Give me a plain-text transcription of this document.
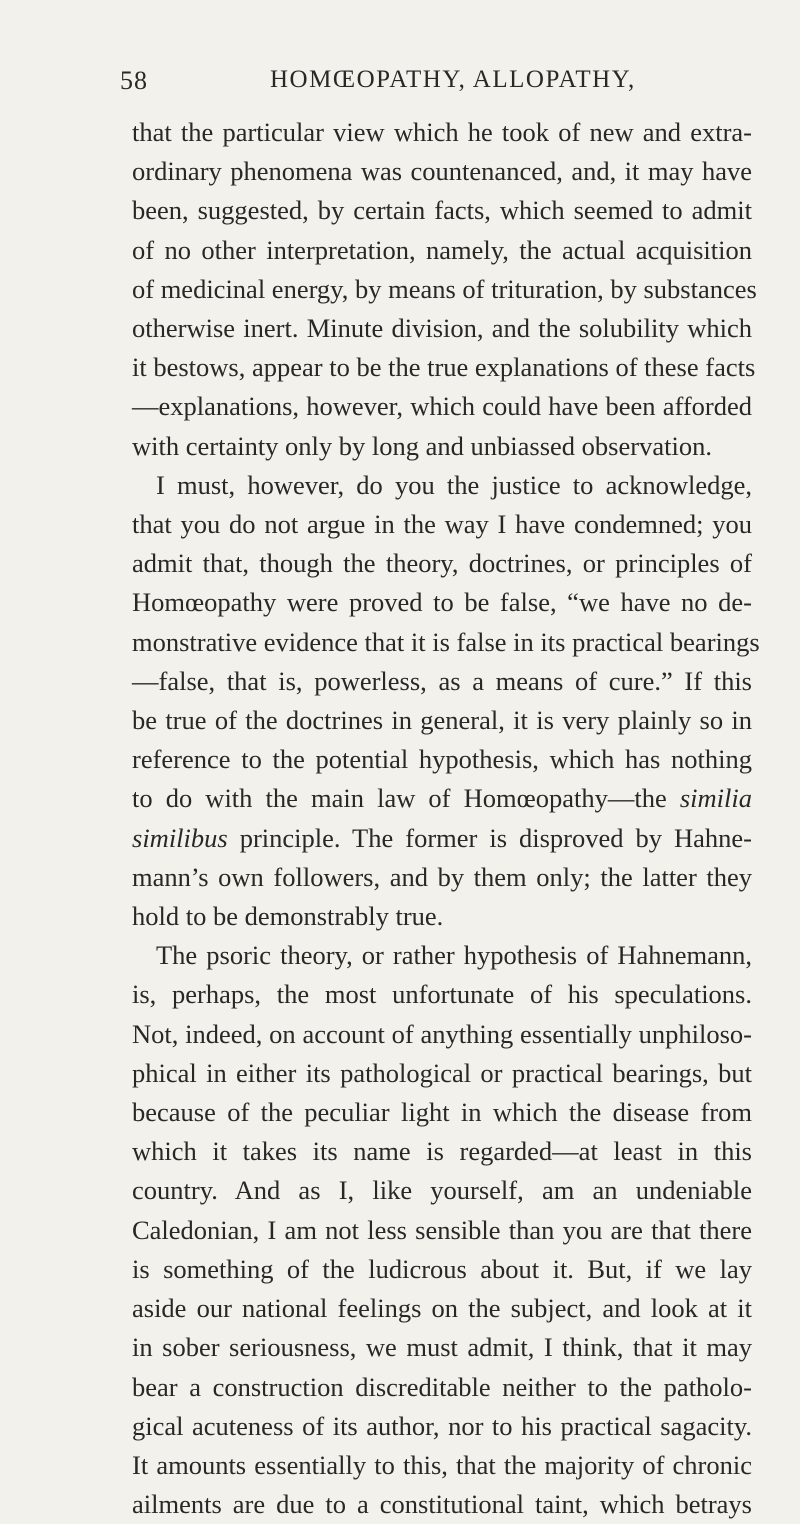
58	HOMŒOPATHY, ALLOPATHY,
that the particular view which he took of new and extra-
ordinary phenomena was countenanced, and, it may have
been, suggested, by certain facts, which seemed to admit
of no other interpretation, namely, the actual acquisition
of medicinal energy, by means of trituration, by substances
otherwise inert. Minute division, and the solubility which
it bestows, appear to be the true explanations of these facts
—explanations, however, which could have been afforded
with certainty only by long and unbiassed observation.
I must, however, do you the justice to acknowledge,
that you do not argue in the way I have condemned; you
admit that, though the theory, doctrines, or principles of
Homœopathy were proved to be false, “we have no de-
monstrative evidence that it is false in its practical bearings
—false, that is, powerless, as a means of cure.” If this
be true of the doctrines in general, it is very plainly so in
reference to the potential hypothesis, which has nothing
to do with the main law of Homœopathy—the similia
similibus principle. The former is disproved by Hahne-
mann’s own followers, and by them only; the latter they
hold to be demonstrably true.
The psoric theory, or rather hypothesis of Hahnemann,
is, perhaps, the most unfortunate of his speculations.
Not, indeed, on account of anything essentially unphiloso-
phical in either its pathological or practical bearings, but
because of the peculiar light in which the disease from
which it takes its name is regarded—at least in this
country. And as I, like yourself, am an undeniable
Caledonian, I am not less sensible than you are that there
is something of the ludicrous about it. But, if we lay
aside our national feelings on the subject, and look at it
in sober seriousness, we must admit, I think, that it may
bear a construction discreditable neither to the patholo-
gical acuteness of its author, nor to his practical sagacity.
It amounts essentially to this, that the majority of chronic
ailments are due to a constitutional taint, which betrays
